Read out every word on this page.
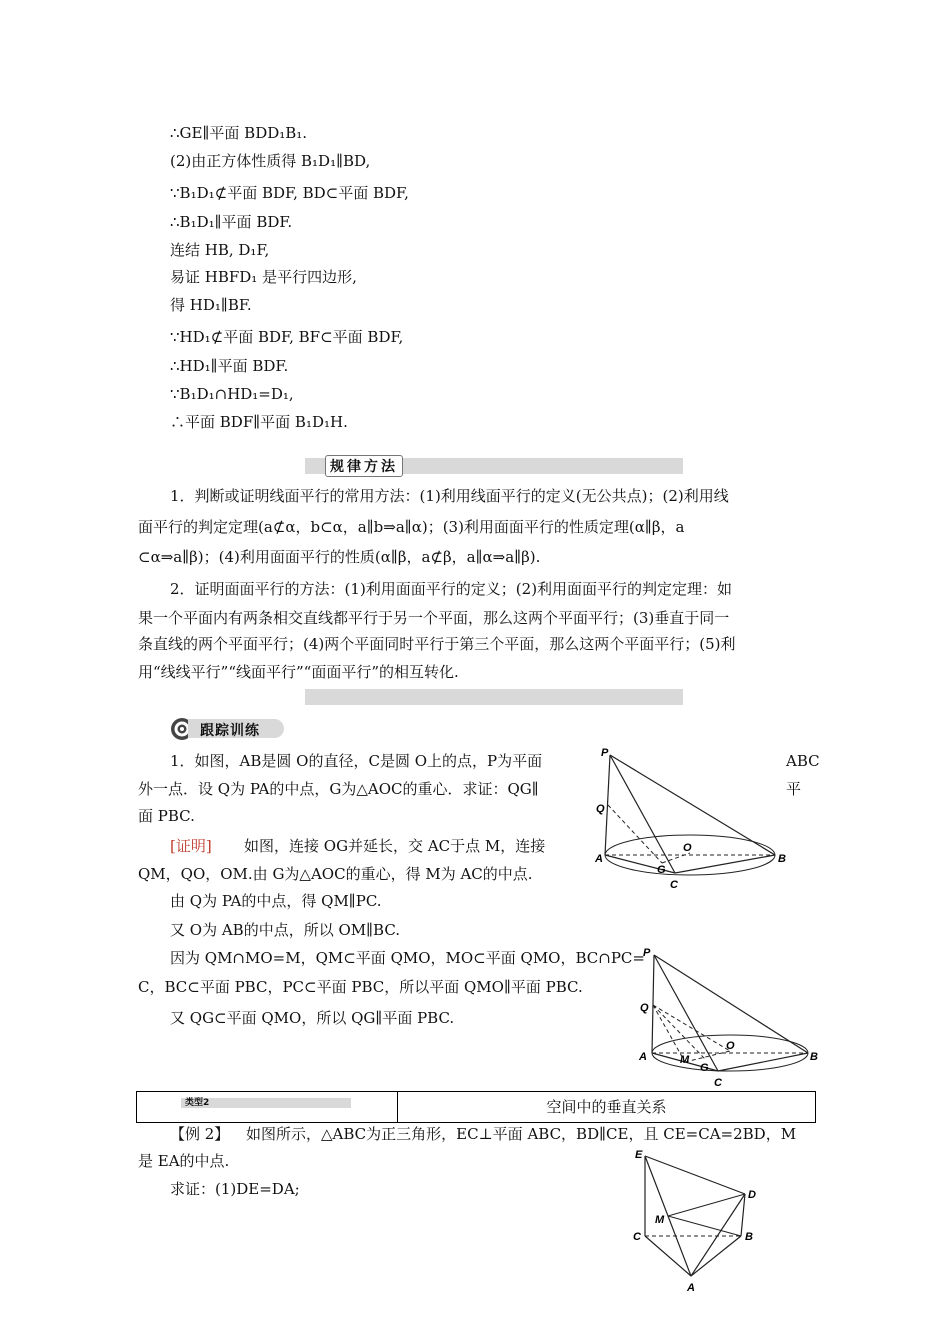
∴GE∥平面 BDD₁B₁.
(2)由正方体性质得 B₁D₁∥BD,
∵B₁D₁⊄平面 BDF, BD⊂平面 BDF,
∴B₁D₁∥平面 BDF.
连结 HB, D₁F,
易证 HBFD₁ 是平行四边形,
得 HD₁∥BF.
∵HD₁⊄平面 BDF, BF⊂平面 BDF,
∴HD₁∥平面 BDF.
∵B₁D₁∩HD₁=D₁,
∴平面 BDF∥平面 B₁D₁H.
规律方法
1．判断或证明线面平行的常用方法：(1)利用线面平行的定义(无公共点)；(2)利用线
面平行的判定定理(a⊄α，b⊂α，a∥b⇒a∥α)；(3)利用面面平行的性质定理(α∥β，a
⊂α⇒a∥β)；(4)利用面面平行的性质(α∥β，a⊄β，a∥α⇒a∥β).
2．证明面面平行的方法：(1)利用面面平行的定义；(2)利用面面平行的判定定理：如
果一个平面内有两条相交直线都平行于另一个平面，那么这两个平面平行；(3)垂直于同一
条直线的两个平面平行；(4)两个平面同时平行于第三个平面，那么这两个平面平行；(5)利
用“线线平行”“线面平行”“面面平行”的相互转化.
跟踪训练
1．如图，AB是圆 O的直径，C是圆 O上的点，P为平面	ABC
外一点．设 Q为 PA的中点，G为△AOC的重心．求证：QG∥	平
面 PBC.
[证明] 如图，连接 OG并延长，交 AC于点 M，连接
QM，QO，OM.由 G为△AOC的重心，得 M为 AC的中点.
由 Q为 PA的中点，得 QM∥PC.
又 O为 AB的中点，所以 OM∥BC.
因为 QM∩MO=M，QM⊂平面 QMO，MO⊂平面 QMO，BC∩PC=
C，BC⊂平面 PBC，PC⊂平面 PBC，所以平面 QMO∥平面 PBC.
又 QG⊂平面 QMO，所以 QG∥平面 PBC.
P
Q
A
G
O
B
C
P
Q
A	M
G
O
B
C
类型2	空间中的垂直关系
【例 2】 如图所示，△ABC为正三角形，EC⊥平面 ABC，BD∥CE，且 CE=CA=2BD，M
是 EA的中点.
求证：(1)DE=DA;
E
D
M
C	B
A
